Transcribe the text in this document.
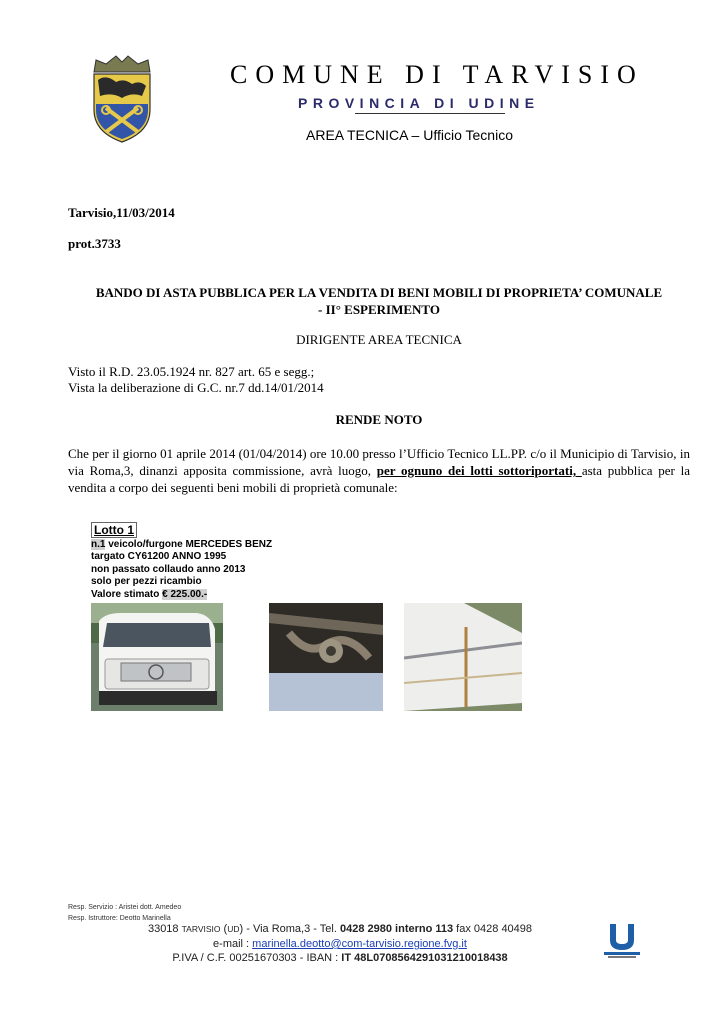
COMUNE DI TARVISIO
PROVINCIA DI UDINE
AREA TECNICA – Ufficio Tecnico
Tarvisio,11/03/2014
prot.3733
BANDO DI ASTA PUBBLICA PER LA VENDITA DI BENI MOBILI DI PROPRIETA’ COMUNALE
- II° ESPERIMENTO
DIRIGENTE AREA TECNICA
Visto il R.D. 23.05.1924 nr. 827 art. 65 e segg.;
Vista la deliberazione di G.C. nr.7 dd.14/01/2014
RENDE NOTO
Che per il giorno 01 aprile 2014 (01/04/2014) ore 10.00 presso l’Ufficio Tecnico LL.PP. c/o il Municipio di Tarvisio, in via Roma,3, dinanzi apposita commissione, avrà luogo, per ognuno dei lotti sottoriportati, asta pubblica per la vendita a corpo dei seguenti beni mobili di proprietà comunale:
Lotto 1
n.1 veicolo/furgone MERCEDES BENZ
targato CY61200 ANNO 1995
non passato collaudo anno 2013
solo per pezzi ricambio
Valore stimato € 225.00.-
Resp. Servizio : Aristei dott. Amedeo
Resp. Istruttore: Deotto Marinella
33018 TARVISIO (UD) - Via Roma,3 - Tel. 0428 2980 interno 113 fax 0428 40498
e-mail : marinella.deotto@com-tarvisio.regione.fvg.it
P.IVA / C.F. 00251670303 - IBAN : IT 48L0708564291031210018438
